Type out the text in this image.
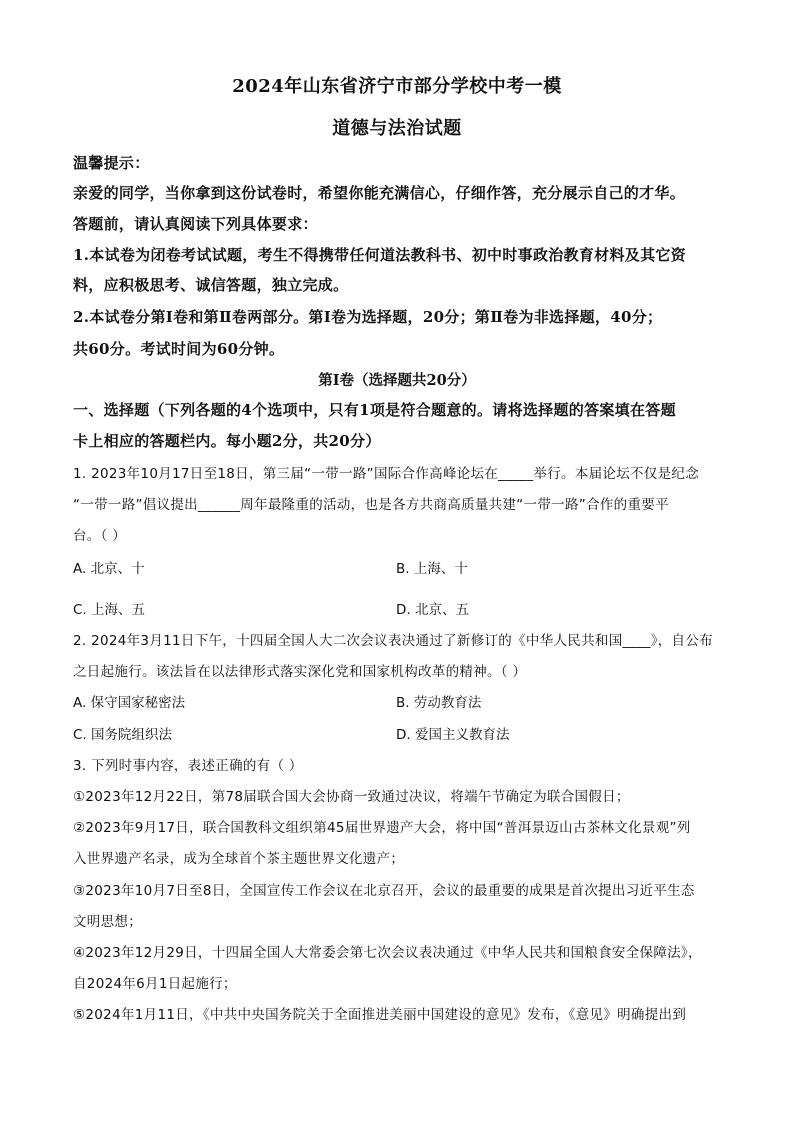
2024年山东省济宁市部分学校中考一模
道德与法治试题
温馨提示：
亲爱的同学，当你拿到这份试卷时，希望你能充满信心，仔细作答，充分展示自己的才华。
答题前，请认真阅读下列具体要求：
1.本试卷为闭卷考试试题，考生不得携带任何道法教科书、初中时事政治教育材料及其它资
料，应积极思考、诚信答题，独立完成。
2.本试卷分第Ⅰ卷和第Ⅱ卷两部分。第Ⅰ卷为选择题，20分；第Ⅱ卷为非选择题，40分；
共60分。考试时间为60分钟。
第Ⅰ卷（选择题共20分）
一、选择题（下列各题的4个选项中，只有1项是符合题意的。请将选择题的答案填在答题
卡上相应的答题栏内。每小题2分，共20分）
1. 2023年10月17日至18日，第三届“一带一路”国际合作高峰论坛在_____举行。本届论坛不仅是纪念
“一带一路”倡议提出______周年最隆重的活动，也是各方共商高质量共建“一带一路”合作的重要平
台。（ ）
A. 北京、十	B. 上海、十
C. 上海、五	D. 北京、五
2. 2024年3月11日下午，十四届全国人大二次会议表决通过了新修订的《中华人民共和国____》，自公布
之日起施行。该法旨在以法律形式落实深化党和国家机构改革的精神。（ ）
A. 保守国家秘密法	B. 劳动教育法
C. 国务院组织法	D. 爱国主义教育法
3. 下列时事内容，表述正确的有（ ）
①2023年12月22日，第78届联合国大会协商一致通过决议，将端午节确定为联合国假日；
②2023年9月17日，联合国教科文组织第45届世界遗产大会，将中国“普洱景迈山古茶林文化景观”列
入世界遗产名录，成为全球首个茶主题世界文化遗产；
③2023年10月7日至8日，全国宣传工作会议在北京召开，会议的最重要的成果是首次提出习近平生态
文明思想；
④2023年12月29日，十四届全国人大常委会第七次会议表决通过《中华人民共和国粮食安全保障法》，
自2024年6月1日起施行；
⑤2024年1月11日，《中共中央国务院关于全面推进美丽中国建设的意见》发布，《意见》明确提出到
